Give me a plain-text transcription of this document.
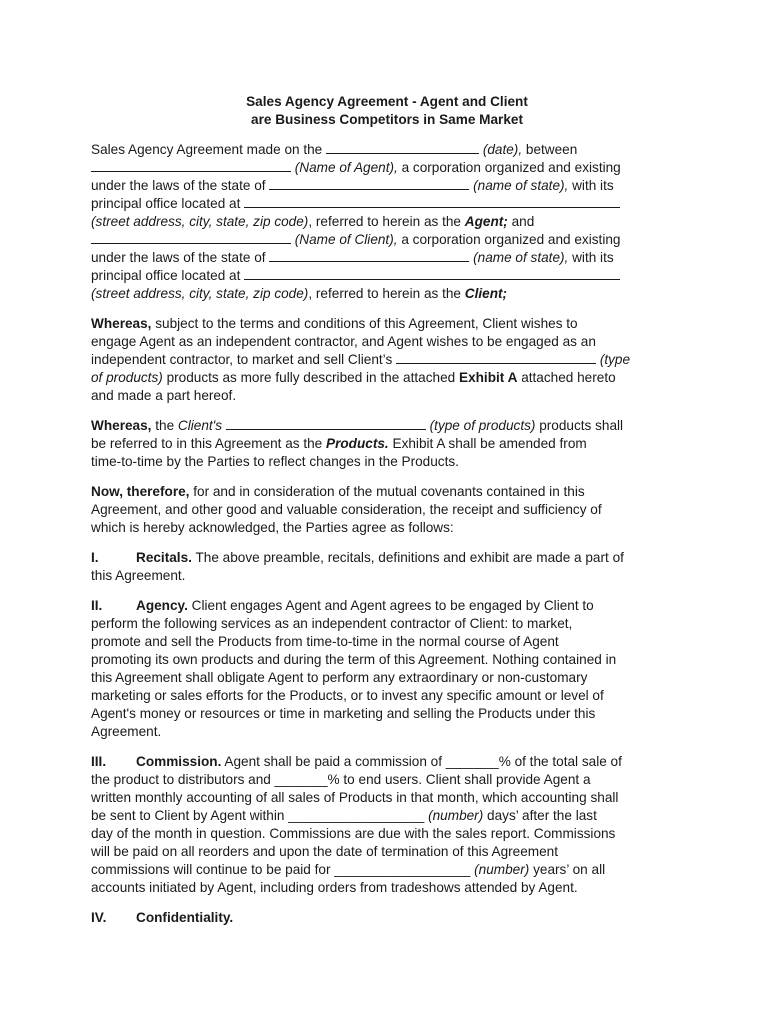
Sales Agency Agreement - Agent and Client
are Business Competitors in Same Market

Sales Agency Agreement made on the	(date), between
(Name of Agent), a corporation organized and existing
under the laws of the state of	(name of state), with its
principal office located at
(street address, city, state, zip code), referred to herein as the Agent; and
(Name of Client), a corporation organized and existing
under the laws of the state of	(name of state), with its
principal office located at
(street address, city, state, zip code), referred to herein as the Client;

Whereas, subject to the terms and conditions of this Agreement, Client wishes to
engage Agent as an independent contractor, and Agent wishes to be engaged as an
independent contractor, to market and sell Client’s	(type
of products) products as more fully described in the attached Exhibit A attached hereto
and made a part hereof.

Whereas, the Client's	(type of products) products shall
be referred to in this Agreement as the Products. Exhibit A shall be amended from
time-to-time by the Parties to reflect changes in the Products.

Now, therefore, for and in consideration of the mutual covenants contained in this
Agreement, and other good and valuable consideration, the receipt and sufficiency of
which is hereby acknowledged, the Parties agree as follows:

I.	Recitals. The above preamble, recitals, definitions and exhibit are made a part of
this Agreement.

II. Agency. Client engages Agent and Agent agrees to be engaged by Client to
perform the following services as an independent contractor of Client: to market,
promote and sell the Products from time-to-time in the normal course of Agent
promoting its own products and during the term of this Agreement. Nothing contained in
this Agreement shall obligate Agent to perform any extraordinary or non-customary
marketing or sales efforts for the Products, or to invest any specific amount or level of
Agent's money or resources or time in marketing and selling the Products under this
Agreement.

III. Commission. Agent shall be paid a commission of _______% of the total sale of
the product to distributors and _______% to end users. Client shall provide Agent a
written monthly accounting of all sales of Products in that month, which accounting shall
be sent to Client by Agent within __________________ (number) days’ after the last
day of the month in question. Commissions are due with the sales report. Commissions
will be paid on all reorders and upon the date of termination of this Agreement
commissions will continue to be paid for __________________ (number) years’ on all
accounts initiated by Agent, including orders from tradeshows attended by Agent.

IV. Confidentiality.
